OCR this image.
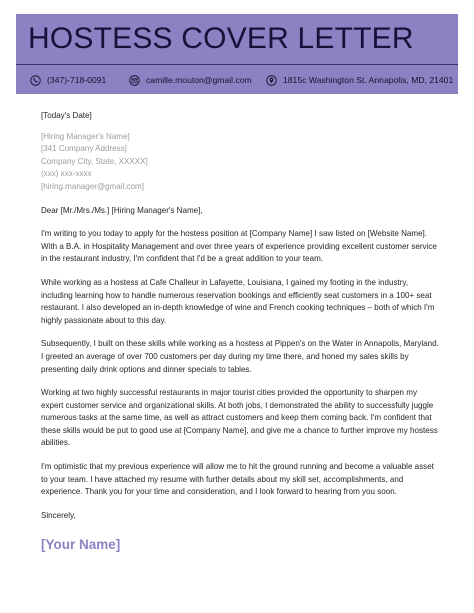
HOSTESS COVER LETTER
(347)-718-0091	camille.mouton@gmail.com	1815c Washington St. Annapolis, MD, 21401
[Today's Date]
[Hiring Manager's Name]
[341 Company Address]
Company City, State, XXXXX]
(xxx) xxx-xxxx
[hiring.manager@gmail.com]
Dear [Mr./Mrs./Ms.] [Hiring Manager's Name],

I'm writing to you today to apply for the hostess position at [Company Name] I saw listed on [Website Name]. With a B.A. in Hospitality Management and over three years of experience providing excellent customer service in the restaurant industry, I'm confident that I'd be a great addition to your team.

While working as a hostess at Cafe Challeur in Lafayette, Louisiana, I gained my footing in the industry, including learning how to handle numerous reservation bookings and efficiently seat customers in a 100+ seat restaurant. I also developed an in-depth knowledge of wine and French cooking techniques – both of which I'm highly passionate about to this day.

Subsequently, I built on these skills while working as a hostess at Pippen's on the Water in Annapolis, Maryland. I greeted an average of over 700 customers per day during my time there, and honed my sales skills by presenting daily drink options and dinner specials to tables.

Working at two highly successful restaurants in major tourist cities provided the opportunity to sharpen my expert customer service and organizational skills. At both jobs, I demonstrated the ability to successfully juggle numerous tasks at the same time, as well as attract customers and keep them coming back. I'm confident that these skills would be put to good use at [Company Name], and give me a chance to further improve my hostess abilities.

I'm optimistic that my previous experience will allow me to hit the ground running and become a valuable asset to your team. I have attached my resume with further details about my skill set, accomplishments, and experience. Thank you for your time and consideration, and I look forward to hearing from you soon.

Sincerely,
[Your Name]
